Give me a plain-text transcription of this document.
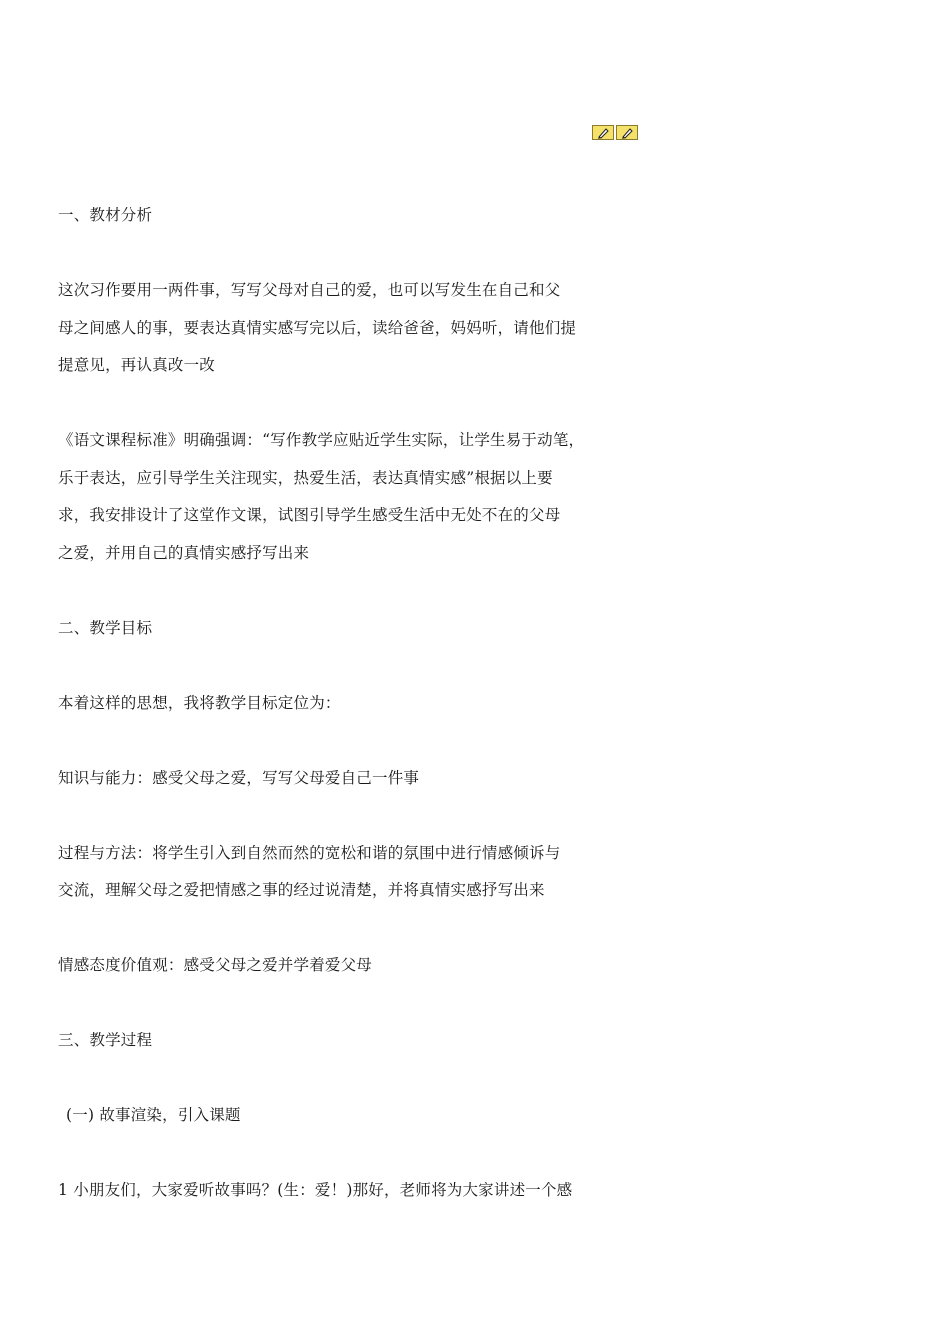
一、教材分析
这次习作要用一两件事，写写父母对自己的爱，也可以写发生在自己和父
母之间感人的事，要表达真情实感写完以后，读给爸爸，妈妈听，请他们提
提意见，再认真改一改
《语文课程标准》明确强调：“写作教学应贴近学生实际，让学生易于动笔，
乐于表达，应引导学生关注现实，热爱生活，表达真情实感”根据以上要
求，我安排设计了这堂作文课，试图引导学生感受生活中无处不在的父母
之爱，并用自己的真情实感抒写出来
二、教学目标
本着这样的思想，我将教学目标定位为：
知识与能力：感受父母之爱，写写父母爱自己一件事
过程与方法：将学生引入到自然而然的宽松和谐的氛围中进行情感倾诉与
交流，理解父母之爱把情感之事的经过说清楚，并将真情实感抒写出来
情感态度价值观：感受父母之爱并学着爱父母
三、教学过程
(一) 故事渲染，引入课题
1 小朋友们，大家爱听故事吗？(生：爱！)那好，老师将为大家讲述一个感
